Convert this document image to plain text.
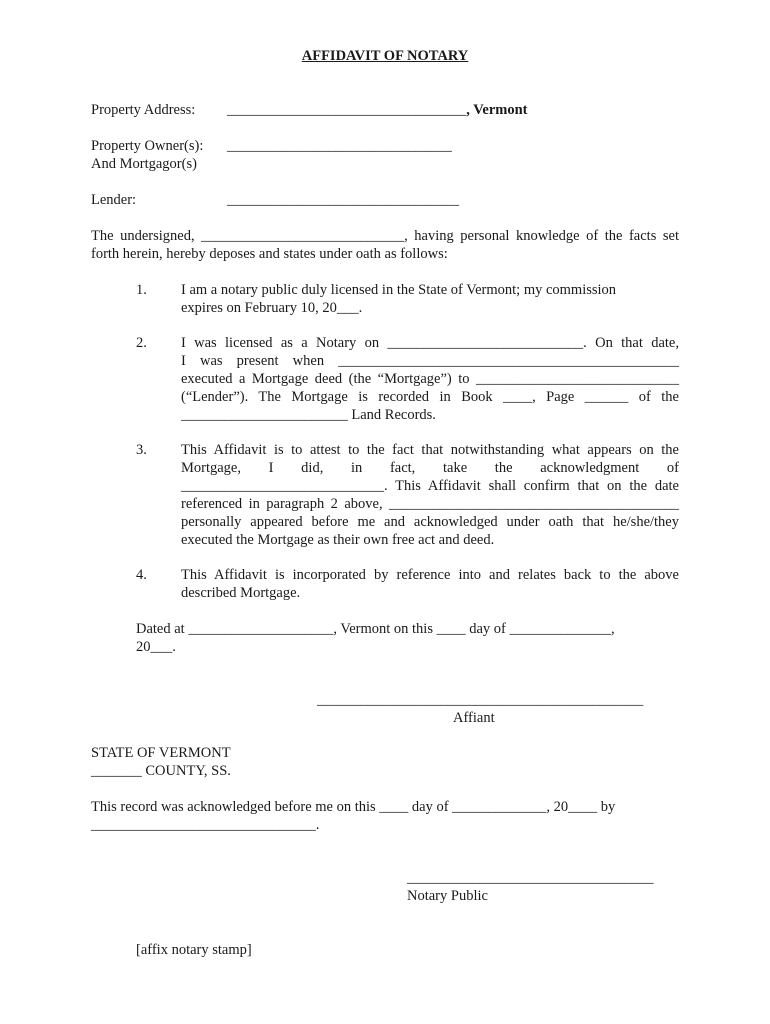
AFFIDAVIT OF NOTARY
Property Address: _________________________________, Vermont
Property Owner(s):
And Mortgagor(s)
_______________________________
Lender:	________________________________
The undersigned, ____________________________, having personal knowledge of the facts set
forth herein, hereby deposes and states under oath as follows:
1. I am a notary public duly licensed in the State of Vermont; my commission
expires on February 10, 20___.
2. I was licensed as a Notary on ___________________________. On that date,
I was present when _______________________________________________
executed a Mortgage deed (the “Mortgage”) to ____________________________
(“Lender”). The Mortgage is recorded in Book ____, Page ______ of the
_______________________ Land Records.
3. This Affidavit is to attest to the fact that notwithstanding what appears on the
Mortgage, I did, in fact, take the acknowledgment of
____________________________. This Affidavit shall confirm that on the date
referenced in paragraph 2 above, ________________________________________
personally appeared before me and acknowledged under oath that he/she/they
executed the Mortgage as their own free act and deed.
4. This Affidavit is incorporated by reference into and relates back to the above
described Mortgage.
Dated at ____________________, Vermont on this ____ day of ______________,
20___.
_____________________________________________
Affiant
STATE OF VERMONT
_______ COUNTY, SS.
This record was acknowledged before me on this ____ day of _____________, 20____ by
_______________________________.
__________________________________
Notary Public
[affix notary stamp]
